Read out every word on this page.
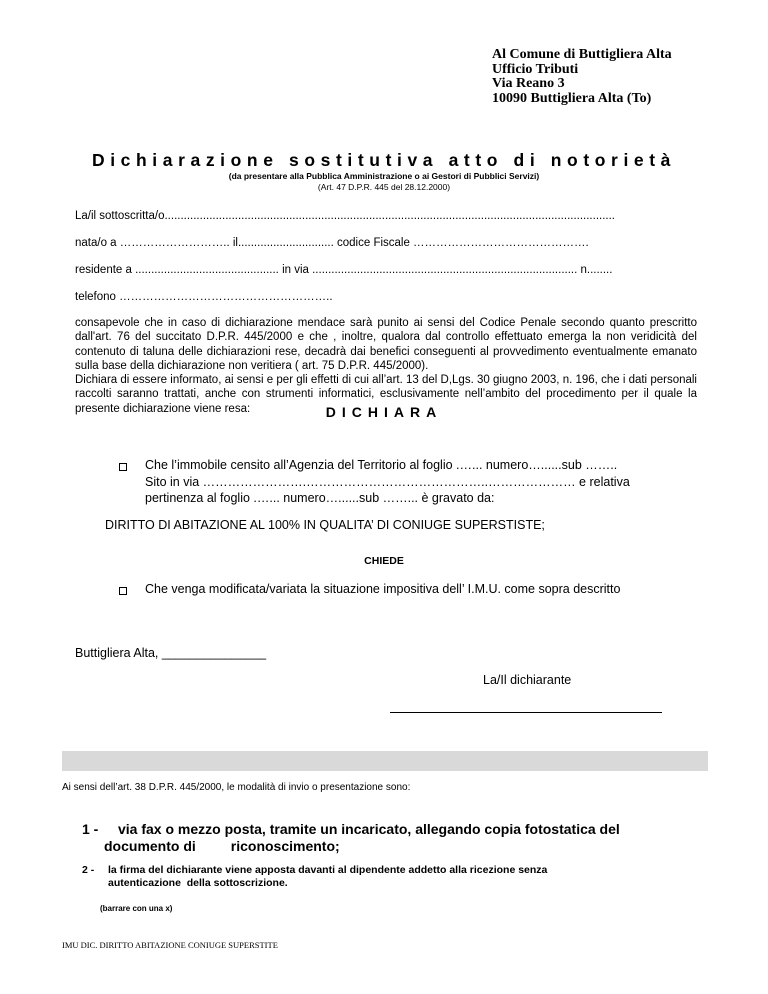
Al Comune di Buttigliera Alta
Ufficio Tributi
Via Reano 3
10090 Buttigliera Alta (To)
Dichiarazione sostitutiva atto di notorietà
(da presentare alla Pubblica Amministrazione o ai Gestori di Pubblici Servizi)
(Art. 47 D.P.R. 445 del 28.12.2000)
La/il sottoscritta/o.............................................................................................................................................
nata/o a ……………………….. il.............................. codice Fiscale ……………………………………….
residente a ............................................. in via ................................................................................... n........
telefono ………………………………………………..
consapevole che in caso di dichiarazione mendace sarà punito ai sensi del Codice Penale secondo quanto prescritto dall'art. 76 del succitato D.P.R. 445/2000 e che , inoltre, qualora dal controllo effettuato emerga la non veridicità del contenuto di taluna delle dichiarazioni rese, decadrà dai benefici conseguenti al provvedimento eventualmente emanato sulla base della dichiarazione non veritiera ( art. 75 D.P.R. 445/2000).
Dichiara di essere informato, ai sensi e per gli effetti di cui all’art. 13 del D,Lgs. 30 giugno 2003, n. 196, che i dati personali raccolti saranno trattati, anche con strumenti informatici, esclusivamente nell’ambito del procedimento per il quale la presente dichiarazione viene resa:	DICHIARA
Che l’immobile censito all’Agenzia del Territorio al foglio .…... numero…......sub ……..
Sito in via …………………….……………………………………..………………… e relativa
pertinenza al foglio .…... numero…......sub ……... è gravato da:
DIRITTO DI ABITAZIONE AL 100% IN QUALITA’ DI CONIUGE SUPERSTISTE;
CHIEDE
Che venga modificata/variata la situazione impositiva dell’ I.M.U. come sopra descritto
Buttigliera Alta, _______________
La/Il dichiarante
Ai sensi dell’art. 38 D.P.R. 445/2000, le modalità di invio o presentazione sono:
1 -	via fax o mezzo posta, tramite un incaricato, allegando copia fotostatica del
documento di         riconoscimento;
2 -	la firma del dichiarante viene apposta davanti al dipendente addetto alla ricezione senza
autenticazione  della sottoscrizione.
(barrare con una x)
IMU DIC. DIRITTO ABITAZIONE CONIUGE SUPERSTITE
